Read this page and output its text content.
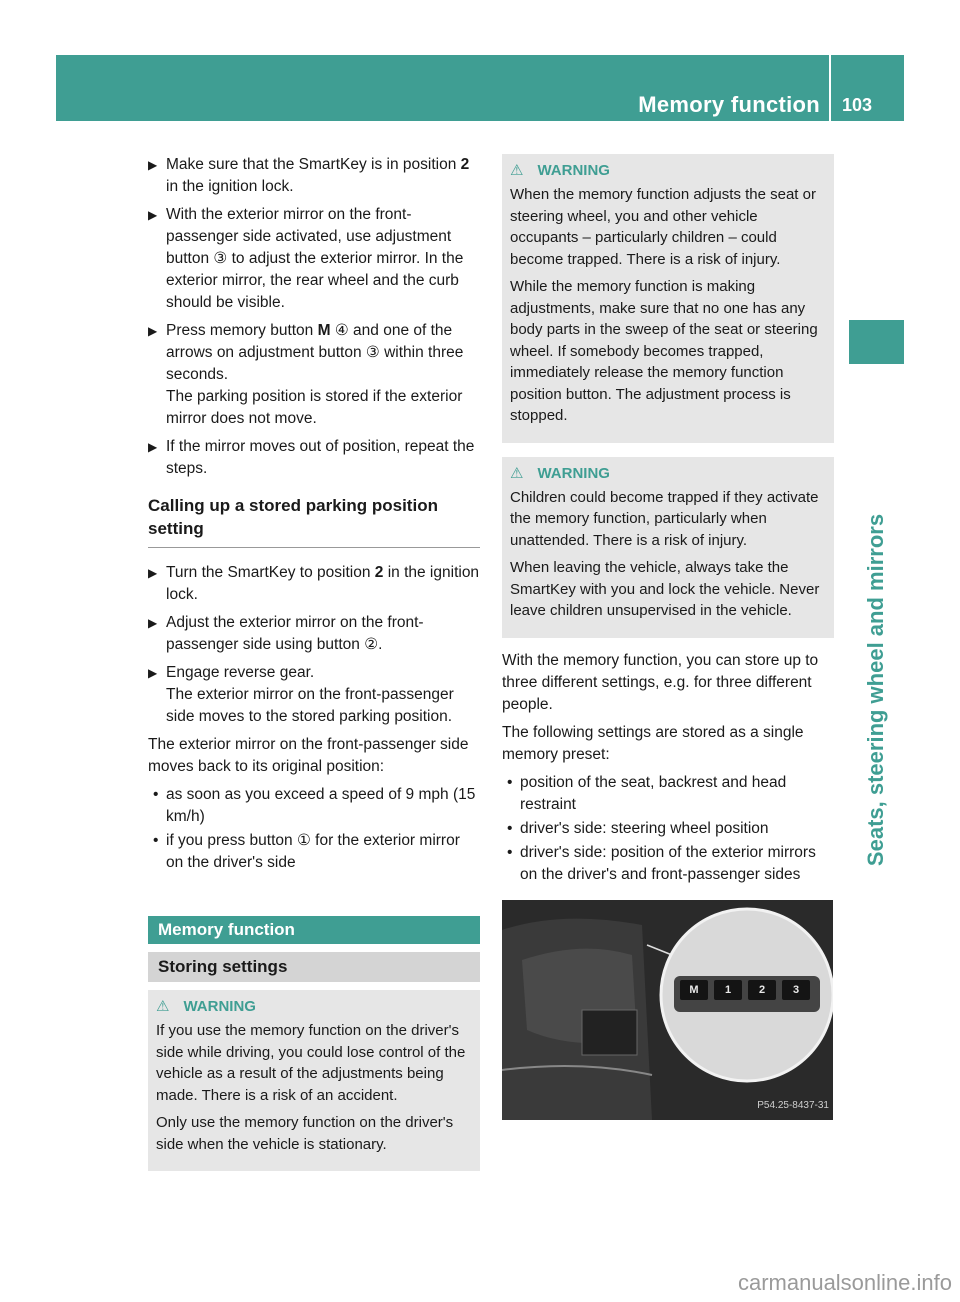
Memory function 103
Seats, steering wheel and mirrors
▶ Make sure that the SmartKey is in position 2 in the ignition lock.
▶ With the exterior mirror on the front-passenger side activated, use adjustment button ③ to adjust the exterior mirror. In the exterior mirror, the rear wheel and the curb should be visible.
▶ Press memory button M ④ and one of the arrows on adjustment button ③ within three seconds.
The parking position is stored if the exterior mirror does not move.
▶ If the mirror moves out of position, repeat the steps.
Calling up a stored parking position setting
▶ Turn the SmartKey to position 2 in the ignition lock.
▶ Adjust the exterior mirror on the front-passenger side using button ②.
▶ Engage reverse gear.
The exterior mirror on the front-passenger side moves to the stored parking position.
The exterior mirror on the front-passenger side moves back to its original position:
• as soon as you exceed a speed of 9 mph (15 km/h)
• if you press button ① for the exterior mirror on the driver's side
Memory function
Storing settings
⚠ WARNING

If you use the memory function on the driver's side while driving, you could lose control of the vehicle as a result of the adjustments being made. There is a risk of an accident.

Only use the memory function on the driver's side when the vehicle is stationary.

⚠ WARNING

When the memory function adjusts the seat or steering wheel, you and other vehicle occupants – particularly children – could become trapped. There is a risk of injury.

While the memory function is making adjustments, make sure that no one has any body parts in the sweep of the seat or steering wheel. If somebody becomes trapped, immediately release the memory function position button. The adjustment process is stopped.

⚠ WARNING

Children could become trapped if they activate the memory function, particularly when unattended. There is a risk of injury.

When leaving the vehicle, always take the SmartKey with you and lock the vehicle. Never leave children unsupervised in the vehicle.

With the memory function, you can store up to three different settings, e.g. for three different people.
The following settings are stored as a single memory preset:
• position of the seat, backrest and head restraint
• driver's side: steering wheel position
• driver's side: position of the exterior mirrors on the driver's and front-passenger sides
M	1	2	3
P54.25-8437-31
carmanualsonline.info
